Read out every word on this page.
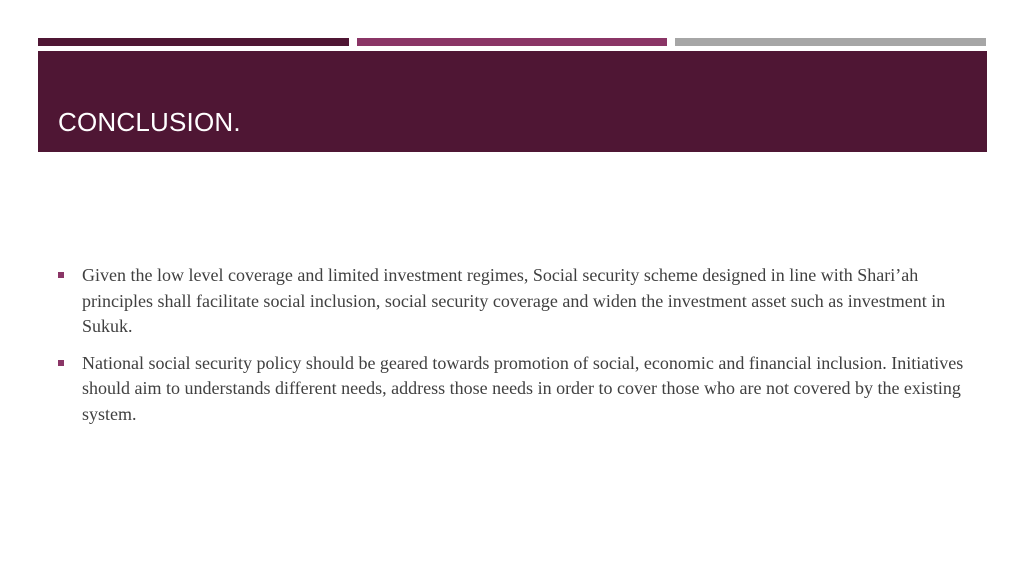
CONCLUSION.
Given the low level coverage and limited investment regimes, Social security scheme designed in line with Shari’ah principles shall facilitate social inclusion, social security coverage and widen the investment asset such as investment in Sukuk.
National social security policy should be geared towards promotion of social, economic and financial inclusion. Initiatives should aim to understands different needs, address those needs in order to cover those who are not covered by the existing system.
